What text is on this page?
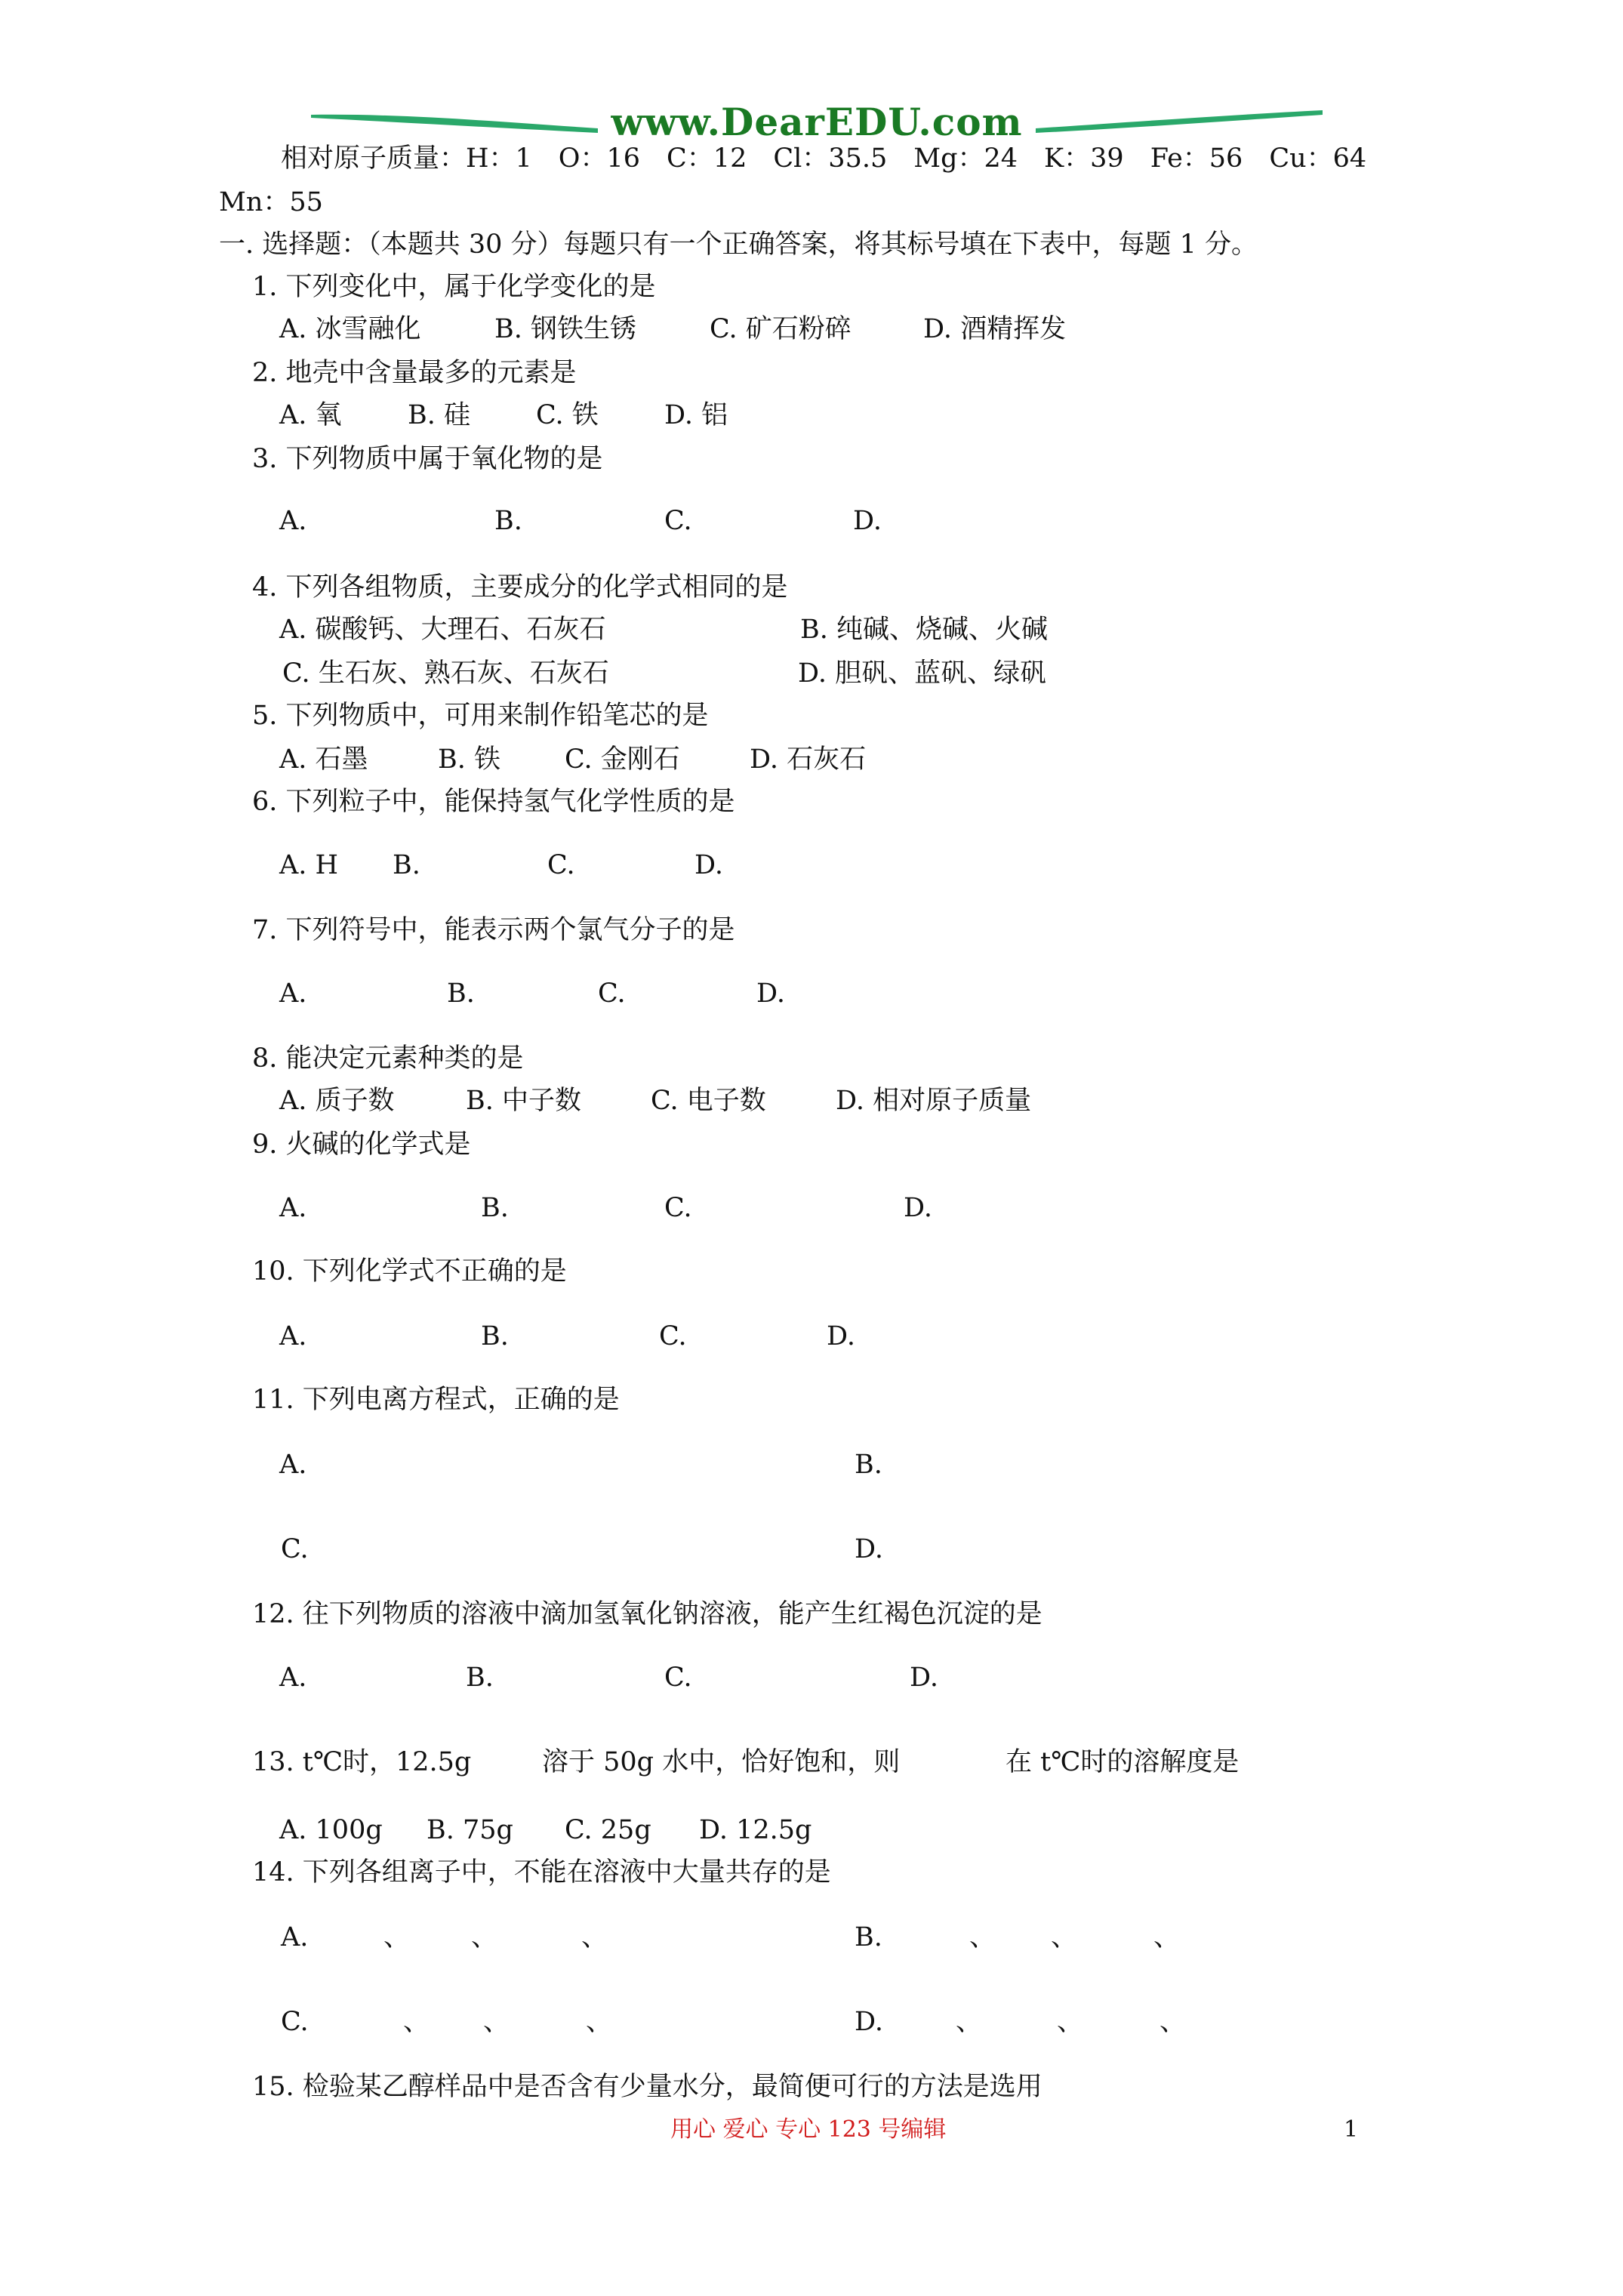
www.DearEDU.com
相对原子质量：H：1　O：16　C：12　Cl：35.5　Mg：24　K：39　Fe：56　Cu：64
Mn：55
一. 选择题：（本题共 30 分）每题只有一个正确答案，将其标号填在下表中，每题 1 分。
1. 下列变化中，属于化学变化的是
A. 冰雪融化	B. 钢铁生锈	C. 矿石粉碎	D. 酒精挥发
2. 地壳中含量最多的元素是
A. 氧 B. 硅 C. 铁 D. 铝
3. 下列物质中属于氧化物的是
A.	B.	C.	D.
4. 下列各组物质，主要成分的化学式相同的是
A. 碳酸钙、大理石、石灰石	B. 纯碱、烧碱、火碱
C. 生石灰、熟石灰、石灰石	D. 胆矾、蓝矾、绿矾
5. 下列物质中，可用来制作铅笔芯的是
A. 石墨	B. 铁 C. 金刚石	D. 石灰石
6. 下列粒子中，能保持氢气化学性质的是
A. H B.	C.	D.
7. 下列符号中，能表示两个氯气分子的是
A.	B.	C.	D.
8. 能决定元素种类的是
A. 质子数	B. 中子数	C. 电子数	D. 相对原子质量
9. 火碱的化学式是
A.	B.	C.	D.
10. 下列化学式不正确的是
A.	B.	C.	D.
11. 下列电离方程式，正确的是
A.	B.
C.	D.
12. 往下列物质的溶液中滴加氢氧化钠溶液，能产生红褐色沉淀的是
A.	B.	C.	D.
13. t℃时，12.5g	溶于 50g 水中，恰好饱和，则	在 t℃时的溶解度是
A. 100g B. 75g C. 25g D. 12.5g
14. 下列各组离子中，不能在溶液中大量共存的是
A.	、 、	、	B.	、 、	、
C.	、 、	、	D.	、	、	、
15. 检验某乙醇样品中是否含有少量水分，最简便可行的方法是选用
用心 爱心 专心 123 号编辑	1
